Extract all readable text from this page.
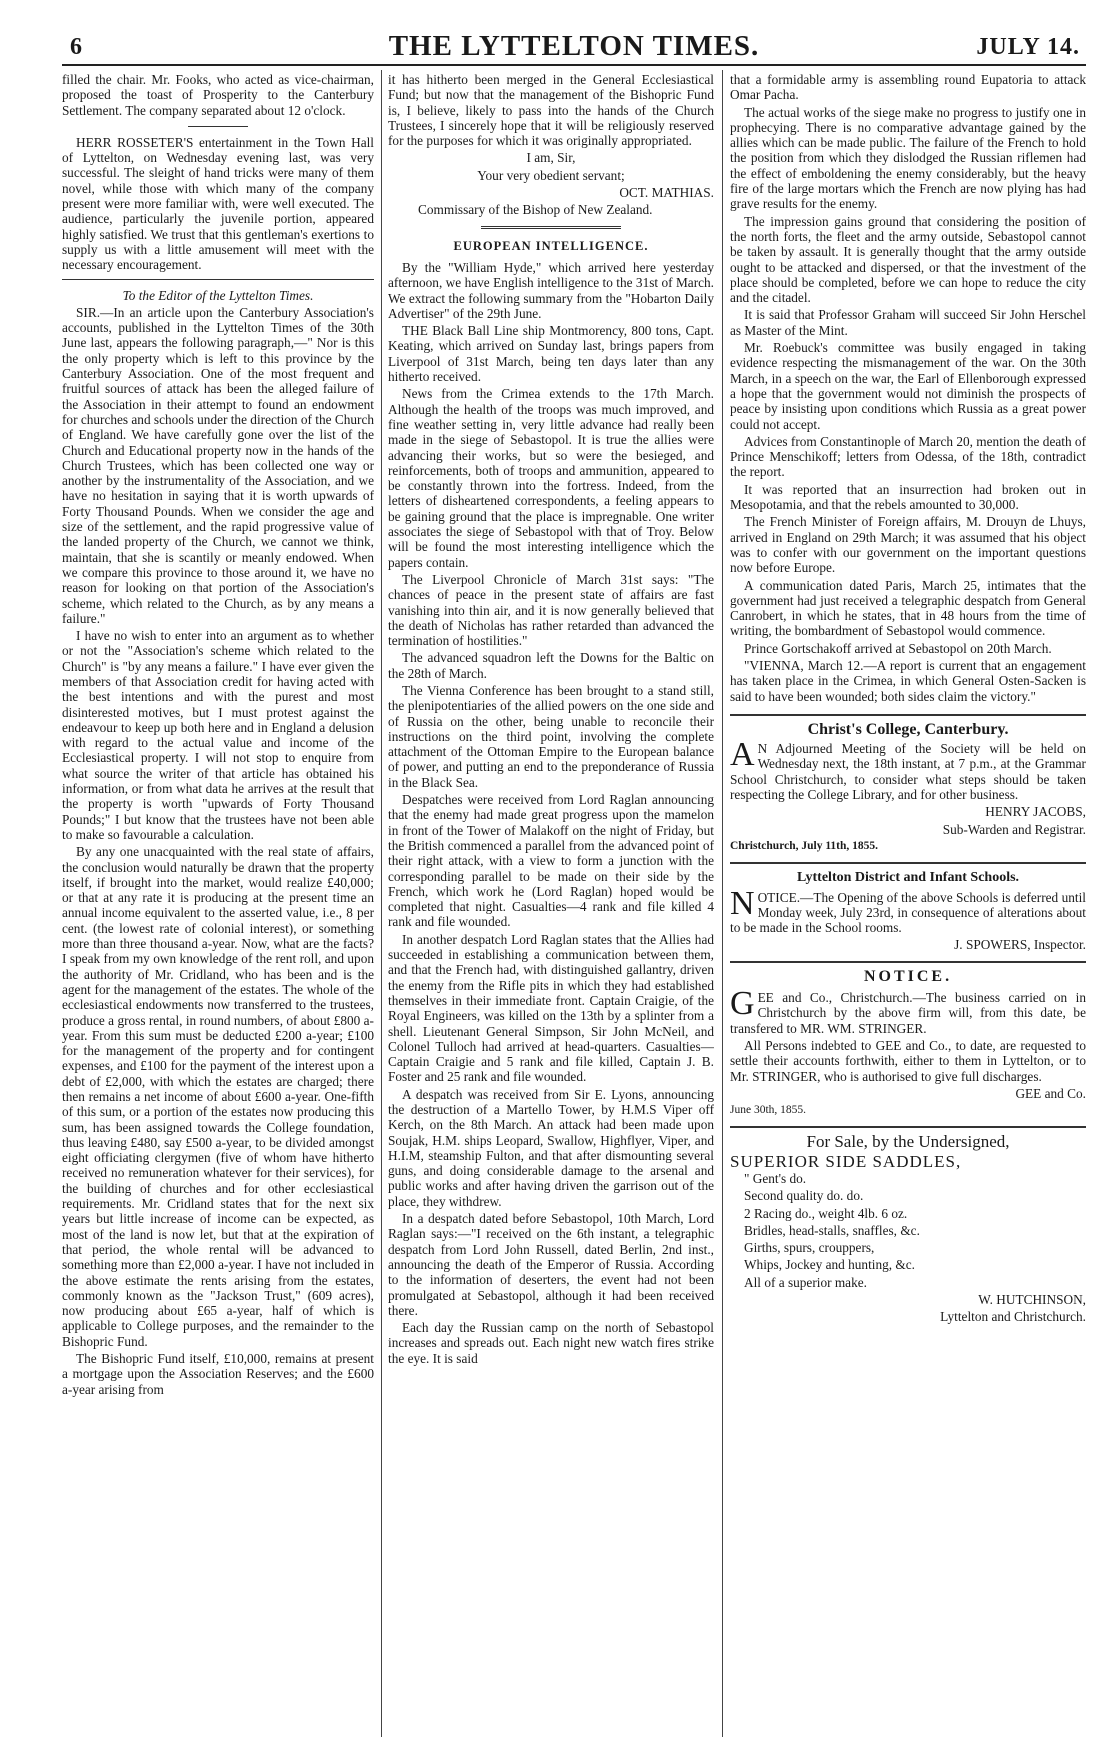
6	THE LYTTELTON TIMES.	JULY 14.

filled the chair. Mr. Fooks, who acted as vice-chairman, proposed the toast of Prosperity to the Canterbury Settlement. The company separated about 12 o'clock.

HERR ROSSETER'S entertainment in the Town Hall of Lyttelton, on Wednesday evening last, was very successful. The sleight of hand tricks were many of them novel, while those with which many of the company present were more familiar with, were well executed. The audience, particularly the juvenile portion, appeared highly satisfied. We trust that this gentleman's exertions to supply us with a little amusement will meet with the necessary encouragement.

To the Editor of the Lyttelton Times.

SIR.—In an article upon the Canterbury Association's accounts, published in the Lyttelton Times of the 30th June last, appears the following paragraph,—" Nor is this the only property which is left to this province by the Canterbury Association. One of the most frequent and fruitful sources of attack has been the alleged failure of the Association in their attempt to found an endowment for churches and schools under the direction of the Church of England. We have carefully gone over the list of the Church and Educational property now in the hands of the Church Trustees, which has been collected one way or another by the instrumentality of the Association, and we have no hesitation in saying that it is worth upwards of Forty Thousand Pounds. When we consider the age and size of the settlement, and the rapid progressive value of the landed property of the Church, we cannot we think, maintain, that she is scantily or meanly endowed. When we compare this province to those around it, we have no reason for looking on that portion of the Association's scheme, which related to the Church, as by any means a failure."

I have no wish to enter into an argument as to whether or not the "Association's scheme which related to the Church" is "by any means a failure." I have ever given the members of that Association credit for having acted with the best intentions and with the purest and most disinterested motives, but I must protest against the endeavour to keep up both here and in England a delusion with regard to the actual value and income of the Ecclesiastical property. I will not stop to enquire from what source the writer of that article has obtained his information, or from what data he arrives at the result that the property is worth "upwards of Forty Thousand Pounds;" I but know that the trustees have not been able to make so favourable a calculation.

By any one unacquainted with the real state of affairs, the conclusion would naturally be drawn that the property itself, if brought into the market, would realize £40,000; or that at any rate it is producing at the present time an annual income equivalent to the asserted value, i.e., 8 per cent. (the lowest rate of colonial interest), or something more than three thousand a-year. Now, what are the facts? I speak from my own knowledge of the rent roll, and upon the authority of Mr. Cridland, who has been and is the agent for the management of the estates. The whole of the ecclesiastical endowments now transferred to the trustees, produce a gross rental, in round numbers, of about £800 a-year. From this sum must be deducted £200 a-year; £100 for the management of the property and for contingent expenses, and £100 for the payment of the interest upon a debt of £2,000, with which the estates are charged; there then remains a net income of about £600 a-year. One-fifth of this sum, or a portion of the estates now producing this sum, has been assigned towards the College foundation, thus leaving £480, say £500 a-year, to be divided amongst eight officiating clergymen (five of whom have hitherto received no remuneration whatever for their services), for the building of churches and for other ecclesiastical requirements. Mr. Cridland states that for the next six years but little increase of income can be expected, as most of the land is now let, but that at the expiration of that period, the whole rental will be advanced to something more than £2,000 a-year. I have not included in the above estimate the rents arising from the estates, commonly known as the "Jackson Trust," (609 acres), now producing about £65 a-year, half of which is applicable to College purposes, and the remainder to the Bishopric Fund.

The Bishopric Fund itself, £10,000, remains at present a mortgage upon the Association Reserves; and the £600 a-year arising from

it has hitherto been merged in the General Ecclesiastical Fund; but now that the management of the Bishopric Fund is, I believe, likely to pass into the hands of the Church Trustees, I sincerely hope that it will be religiously reserved for the purposes for which it was originally appropriated.

I am, Sir,

Your very obedient servant;

OCT. MATHIAS.

Commissary of the Bishop of New Zealand.

EUROPEAN INTELLIGENCE.

By the "William Hyde," which arrived here yesterday afternoon, we have English intelligence to the 31st of March. We extract the following summary from the "Hobarton Daily Advertiser" of the 29th June.

THE Black Ball Line ship Montmorency, 800 tons, Capt. Keating, which arrived on Sunday last, brings papers from Liverpool of 31st March, being ten days later than any hitherto received.

News from the Crimea extends to the 17th March. Although the health of the troops was much improved, and fine weather setting in, very little advance had really been made in the siege of Sebastopol. It is true the allies were advancing their works, but so were the besieged, and reinforcements, both of troops and ammunition, appeared to be constantly thrown into the fortress. Indeed, from the letters of disheartened correspondents, a feeling appears to be gaining ground that the place is impregnable. One writer associates the siege of Sebastopol with that of Troy. Below will be found the most interesting intelligence which the papers contain.

The Liverpool Chronicle of March 31st says: "The chances of peace in the present state of affairs are fast vanishing into thin air, and it is now generally believed that the death of Nicholas has rather retarded than advanced the termination of hostilities."

The advanced squadron left the Downs for the Baltic on the 28th of March.

The Vienna Conference has been brought to a stand still, the plenipotentiaries of the allied powers on the one side and of Russia on the other, being unable to reconcile their instructions on the third point, involving the complete attachment of the Ottoman Empire to the European balance of power, and putting an end to the preponderance of Russia in the Black Sea.

Despatches were received from Lord Raglan announcing that the enemy had made great progress upon the mamelon in front of the Tower of Malakoff on the night of Friday, but the British commenced a parallel from the advanced point of their right attack, with a view to form a junction with the corresponding parallel to be made on their side by the French, which work he (Lord Raglan) hoped would be completed that night. Casualties—4 rank and file killed 4 rank and file wounded.

In another despatch Lord Raglan states that the Allies had succeeded in establishing a communication between them, and that the French had, with distinguished gallantry, driven the enemy from the Rifle pits in which they had established themselves in their immediate front. Captain Craigie, of the Royal Engineers, was killed on the 13th by a splinter from a shell. Lieutenant General Simpson, Sir John McNeil, and Colonel Tulloch had arrived at head-quarters. Casualties—Captain Craigie and 5 rank and file killed, Captain J. B. Foster and 25 rank and file wounded.

A despatch was received from Sir E. Lyons, announcing the destruction of a Martello Tower, by H.M.S Viper off Kerch, on the 8th March. An attack had been made upon Soujak, H.M. ships Leopard, Swallow, Highflyer, Viper, and H.I.M, steamship Fulton, and that after dismounting several guns, and doing considerable damage to the arsenal and public works and after having driven the garrison out of the place, they withdrew.

In a despatch dated before Sebastopol, 10th March, Lord Raglan says:—"I received on the 6th instant, a telegraphic despatch from Lord John Russell, dated Berlin, 2nd inst., announcing the death of the Emperor of Russia. According to the information of deserters, the event had not been promulgated at Sebastopol, although it had been received there.

Each day the Russian camp on the north of Sebastopol increases and spreads out. Each night new watch fires strike the eye. It is said

that a formidable army is assembling round Eupatoria to attack Omar Pacha.

The actual works of the siege make no progress to justify one in prophecying. There is no comparative advantage gained by the allies which can be made public. The failure of the French to hold the position from which they dislodged the Russian riflemen had the effect of emboldening the enemy considerably, but the heavy fire of the large mortars which the French are now plying has had grave results for the enemy.

The impression gains ground that considering the position of the north forts, the fleet and the army outside, Sebastopol cannot be taken by assault. It is generally thought that the army outside ought to be attacked and dispersed, or that the investment of the place should be completed, before we can hope to reduce the city and the citadel.

It is said that Professor Graham will succeed Sir John Herschel as Master of the Mint.

Mr. Roebuck's committee was busily engaged in taking evidence respecting the mismanagement of the war. On the 30th March, in a speech on the war, the Earl of Ellenborough expressed a hope that the government would not diminish the prospects of peace by insisting upon conditions which Russia as a great power could not accept.

Advices from Constantinople of March 20, mention the death of Prince Menschikoff; letters from Odessa, of the 18th, contradict the report.

It was reported that an insurrection had broken out in Mesopotamia, and that the rebels amounted to 30,000.

The French Minister of Foreign affairs, M. Drouyn de Lhuys, arrived in England on 29th March; it was assumed that his object was to confer with our government on the important questions now before Europe.

A communication dated Paris, March 25, intimates that the government had just received a telegraphic despatch from General Canrobert, in which he states, that in 48 hours from the time of writing, the bombardment of Sebastopol would commence.

Prince Gortschakoff arrived at Sebastopol on 20th March.

"VIENNA, March 12.—A report is current that an engagement has taken place in the Crimea, in which General Osten-Sacken is said to have been wounded; both sides claim the victory."

Christ's College, Canterbury.

AN Adjourned Meeting of the Society will be held on Wednesday next, the 18th instant, at 7 p.m., at the Grammar School Christchurch, to consider what steps should be taken respecting the College Library, and for other business.

HENRY JACOBS,

Sub-Warden and Registrar.

Christchurch, July 11th, 1855.

Lyttelton District and Infant Schools.

NOTICE.—The Opening of the above Schools is deferred until Monday week, July 23rd, in consequence of alterations about to be made in the School rooms.

J. SPOWERS, Inspector.

NOTICE.

GEE and Co., Christchurch.—The business carried on in Christchurch by the above firm will, from this date, be transfered to MR. WM. STRINGER.

All Persons indebted to GEE and Co., to date, are requested to settle their accounts forthwith, either to them in Lyttelton, or to Mr. STRINGER, who is authorised to give full discharges.

GEE and Co.

June 30th, 1855.

For Sale, by the Undersigned,

SUPERIOR SIDE SADDLES,

" Gent's do.

Second quality do. do.

2 Racing do., weight 4lb. 6 oz.

Bridles, head-stalls, snaffles, &c.

Girths, spurs, crouppers,

Whips, Jockey and hunting, &c.

All of a superior make.

W. HUTCHINSON,

Lyttelton and Christchurch.
